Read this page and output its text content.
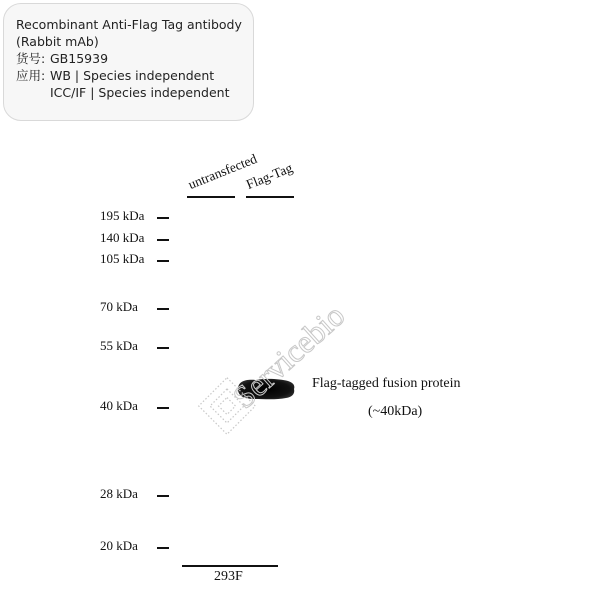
Recombinant Anti-Flag Tag antibody
(Rabbit mAb)
货号: GB15939
应用: WB | Species independent
ICC/IF | Species independent
untransfected
Flag-Tag
195 kDa
140 kDa
105 kDa
70 kDa
55 kDa
40 kDa
28 kDa
20 kDa
Flag-tagged fusion protein
(~40kDa)
Servicebio
293F
